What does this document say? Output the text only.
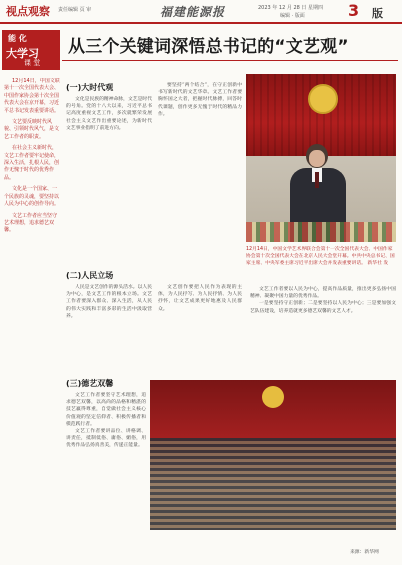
视点观察 责任编辑 页 审	福建能源报	2023 年 12 月 28 日 星期四
编辑 · 版面	3 版
能 化
大学习
课 堂
从三个关键词深悟总书记的“文艺观”

12月14日，中国文联第十一次全国代表大会、中国作家协会第十次全国代表大会在京开幕，习近平总书记发表重要讲话。

文艺要反映时代风貌、引领时代风气，是文艺工作者的职责。

在社会主义新时代，文艺工作者要牢记使命，深入生活，扎根人民，创作无愧于时代的优秀作品。

文化是一个国家、一个民族的灵魂，要坚持以人民为中心的创作导向。

文艺工作者应当坚守艺术理想，追求德艺双馨。

(一)大时代观

文化是民族的精神命脉，文艺是时代的号角。党的十八大以来，习近平总书记高度重视文艺工作，多次就繁荣发展社会主义文艺作出重要论述，为新时代文艺事业指明了前进方向。

要坚持“两个结合”，在守正创新中书写新时代的文艺华章。文艺工作者要胸怀国之大者，把握时代脉搏，回答时代课题，创作更多无愧于时代的精品力作。

12月14日，中国文学艺术界联合会第十一次全国代表大会、中国作家协会第十次全国代表大会在北京人民大会堂开幕。中共中央总书记、国家主席、中央军委主席习近平出席大会并发表重要讲话。 新华社 发
(二)人民立场

人民是文艺创作的源头活水。以人民为中心，是文艺工作的根本立场。文艺工作者要深入群众、深入生活，从人民的伟大实践和丰富多彩的生活中汲取营养。

文艺创作要把人民作为表现的主体，为人民抒写、为人民抒情、为人民抒怀，让文艺成果更好地惠及人民群众。

文艺工作者要以人民为中心，提高作品质量，推出更多弘扬中国精神、凝聚中国力量的优秀作品。

一是要坚持守正创新；二是要坚持以人民为中心；三是要加强文艺队伍建设，培养造就更多德艺双馨的文艺人才。

(三)德艺双馨

文艺工作者要坚守艺术理想，追求德艺双馨，以高尚的品格和精湛的技艺赢得尊重，自觉做社会主义核心价值观的坚定信仰者、积极传播者和模范践行者。

文艺工作者要讲品位、讲格调、讲责任，抵制低俗、庸俗、媚俗，用优秀作品弘扬真善美，传递正能量。

来源：新华网
